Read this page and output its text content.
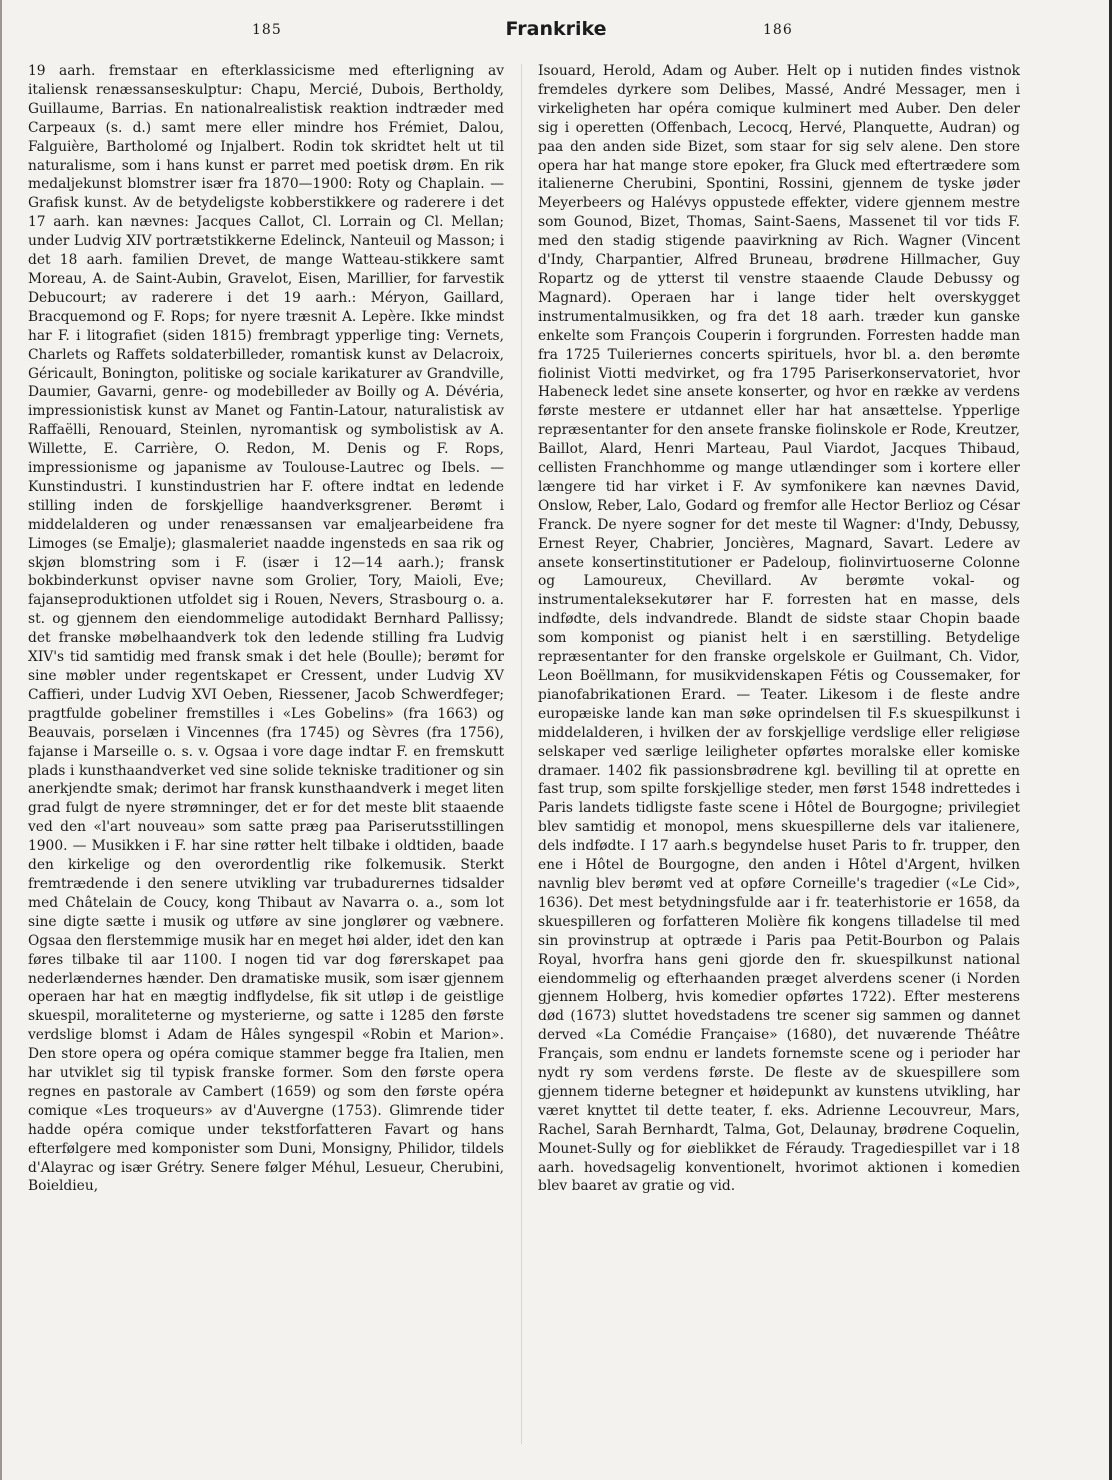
185	Frankrike	186

19 aarh. fremstaar en efterklassicisme med efterligning av italiensk renæssanseskulptur: Chapu, Mercié, Dubois, Bertholdy, Guillaume, Barrias. En nationalrealistisk reaktion indtræder med Carpeaux (s. d.) samt mere eller mindre hos Frémiet, Dalou, Falguière, Bartholomé og Injalbert. Rodin tok skridtet helt ut til naturalisme, som i hans kunst er parret med poetisk drøm. En rik medaljekunst blomstrer især fra 1870—1900: Roty og Chaplain. — Grafisk kunst. Av de betydeligste kobberstikkere og raderere i det 17 aarh. kan nævnes: Jacques Callot, Cl. Lorrain og Cl. Mellan; under Ludvig XIV portrætstikkerne Edelinck, Nanteuil og Masson; i det 18 aarh. familien Drevet, de mange Watteau-stikkere samt Moreau, A. de Saint-Aubin, Gravelot, Eisen, Marillier, for farvestik Debucourt; av raderere i det 19 aarh.: Méryon, Gaillard, Bracquemond og F. Rops; for nyere træsnit A. Lepère. Ikke mindst har F. i litografiet (siden 1815) frembragt ypperlige ting: Vernets, Charlets og Raffets soldaterbilleder, romantisk kunst av Delacroix, Géricault, Bonington, politiske og sociale karikaturer av Grandville, Daumier, Gavarni, genre- og modebilleder av Boilly og A. Dévéria, impressionistisk kunst av Manet og Fantin-Latour, naturalistisk av Raffaëlli, Renouard, Steinlen, nyromantisk og symbolistisk av A. Willette, E. Carrière, O. Redon, M. Denis og F. Rops, impressionisme og japanisme av Toulouse-Lautrec og Ibels. — Kunstindustri. I kunstindustrien har F. oftere indtat en ledende stilling inden de forskjellige haandverksgrener. Berømt i middelalderen og under renæssansen var emaljearbeidene fra Limoges (se Emalje); glasmaleriet naadde ingensteds en saa rik og skjøn blomstring som i F. (især i 12—14 aarh.); fransk bokbinderkunst opviser navne som Grolier, Tory, Maioli, Eve; fajanseproduktionen utfoldet sig i Rouen, Nevers, Strasbourg o. a. st. og gjennem den eiendommelige autodidakt Bernhard Pallissy; det franske møbelhaandverk tok den ledende stilling fra Ludvig XIV's tid samtidig med fransk smak i det hele (Boulle); berømt for sine møbler under regentskapet er Cressent, under Ludvig XV Caffieri, under Ludvig XVI Oeben, Riessener, Jacob Schwerdfeger; pragtfulde gobeliner fremstilles i «Les Gobelins» (fra 1663) og Beauvais, porselæn i Vincennes (fra 1745) og Sèvres (fra 1756), fajanse i Marseille o. s. v. Ogsaa i vore dage indtar F. en fremskutt plads i kunsthaandverket ved sine solide tekniske traditioner og sin anerkjendte smak; derimot har fransk kunsthaandverk i meget liten grad fulgt de nyere strømninger, det er for det meste blit staaende ved den «l'art nouveau» som satte præg paa Pariserutsstillingen 1900. — Musikken i F. har sine røtter helt tilbake i oldtiden, baade den kirkelige og den overordentlig rike folkemusik. Sterkt fremtrædende i den senere utvikling var trubadurernes tidsalder med Châtelain de Coucy, kong Thibaut av Navarra o. a., som lot sine digte sætte i musik og utføre av sine jonglører og væbnere. Ogsaa den flerstemmige musik har en meget høi alder, idet den kan føres tilbake til aar 1100. I nogen tid var dog førerskapet paa nederlændernes hænder. Den dramatiske musik, som især gjennem operaen har hat en mægtig indflydelse, fik sit utløp i de geistlige skuespil, moraliteterne og mysterierne, og satte i 1285 den første verdslige blomst i Adam de Hâles syngespil «Robin et Marion». Den store opera og opéra comique stammer begge fra Italien, men har utviklet sig til typisk franske former. Som den første opera regnes en pastorale av Cambert (1659) og som den første opéra comique «Les troqueurs» av d'Auvergne (1753). Glimrende tider hadde opéra comique under tekstforfatteren Favart og hans efterfølgere med komponister som Duni, Monsigny, Philidor, tildels d'Alayrac og især Grétry. Senere følger Méhul, Lesueur, Cherubini, Boieldieu,

Isouard, Herold, Adam og Auber. Helt op i nutiden findes vistnok fremdeles dyrkere som Delibes, Massé, André Messager, men i virkeligheten har opéra comique kulminert med Auber. Den deler sig i operetten (Offenbach, Lecocq, Hervé, Planquette, Audran) og paa den anden side Bizet, som staar for sig selv alene. Den store opera har hat mange store epoker, fra Gluck med eftertrædere som italienerne Cherubini, Spontini, Rossini, gjennem de tyske jøder Meyerbeers og Halévys oppustede effekter, videre gjennem mestre som Gounod, Bizet, Thomas, Saint-Saens, Massenet til vor tids F. med den stadig stigende paavirkning av Rich. Wagner (Vincent d'Indy, Charpantier, Alfred Bruneau, brødrene Hillmacher, Guy Ropartz og de ytterst til venstre staaende Claude Debussy og Magnard). Operaen har i lange tider helt overskygget instrumentalmusikken, og fra det 18 aarh. træder kun ganske enkelte som François Couperin i forgrunden. Forresten hadde man fra 1725 Tuileriernes concerts spirituels, hvor bl. a. den berømte fiolinist Viotti medvirket, og fra 1795 Pariserkonservatoriet, hvor Habeneck ledet sine ansete konserter, og hvor en række av verdens første mestere er utdannet eller har hat ansættelse. Ypperlige repræsentanter for den ansete franske fiolinskole er Rode, Kreutzer, Baillot, Alard, Henri Marteau, Paul Viardot, Jacques Thibaud, cellisten Franchhomme og mange utlændinger som i kortere eller længere tid har virket i F. Av symfonikere kan nævnes David, Onslow, Reber, Lalo, Godard og fremfor alle Hector Berlioz og César Franck. De nyere sogner for det meste til Wagner: d'Indy, Debussy, Ernest Reyer, Chabrier, Joncières, Magnard, Savart. Ledere av ansete konsertinstitutioner er Padeloup, fiolinvirtuoserne Colonne og Lamoureux, Chevillard. Av berømte vokal- og instrumentaleksekutører har F. forresten hat en masse, dels indfødte, dels indvandrede. Blandt de sidste staar Chopin baade som komponist og pianist helt i en særstilling. Betydelige repræsentanter for den franske orgelskole er Guilmant, Ch. Vidor, Leon Boëllmann, for musikvidenskapen Fétis og Coussemaker, for pianofabrikationen Erard. — Teater. Likesom i de fleste andre europæiske lande kan man søke oprindelsen til F.s skuespilkunst i middelalderen, i hvilken der av forskjellige verdslige eller religiøse selskaper ved særlige leiligheter opførtes moralske eller komiske dramaer. 1402 fik passionsbrødrene kgl. bevilling til at oprette en fast trup, som spilte forskjellige steder, men først 1548 indrettedes i Paris landets tidligste faste scene i Hôtel de Bourgogne; privilegiet blev samtidig et monopol, mens skuespillerne dels var italienere, dels indfødte. I 17 aarh.s begyndelse huset Paris to fr. trupper, den ene i Hôtel de Bourgogne, den anden i Hôtel d'Argent, hvilken navnlig blev berømt ved at opføre Corneille's tragedier («Le Cid», 1636). Det mest betydningsfulde aar i fr. teaterhistorie er 1658, da skuespilleren og forfatteren Molière fik kongens tilladelse til med sin provinstrup at optræde i Paris paa Petit-Bourbon og Palais Royal, hvorfra hans geni gjorde den fr. skuespilkunst national eiendommelig og efterhaanden præget alverdens scener (i Norden gjennem Holberg, hvis komedier opførtes 1722). Efter mesterens død (1673) sluttet hovedstadens tre scener sig sammen og dannet derved «La Comédie Française» (1680), det nuværende Théâtre Français, som endnu er landets fornemste scene og i perioder har nydt ry som verdens første. De fleste av de skuespillere som gjennem tiderne betegner et høidepunkt av kunstens utvikling, har været knyttet til dette teater, f. eks. Adrienne Lecouvreur, Mars, Rachel, Sarah Bernhardt, Talma, Got, Delaunay, brødrene Coquelin, Mounet-Sully og for øieblikket de Féraudy. Tragediespillet var i 18 aarh. hovedsagelig konventionelt, hvorimot aktionen i komedien blev baaret av gratie og vid.
